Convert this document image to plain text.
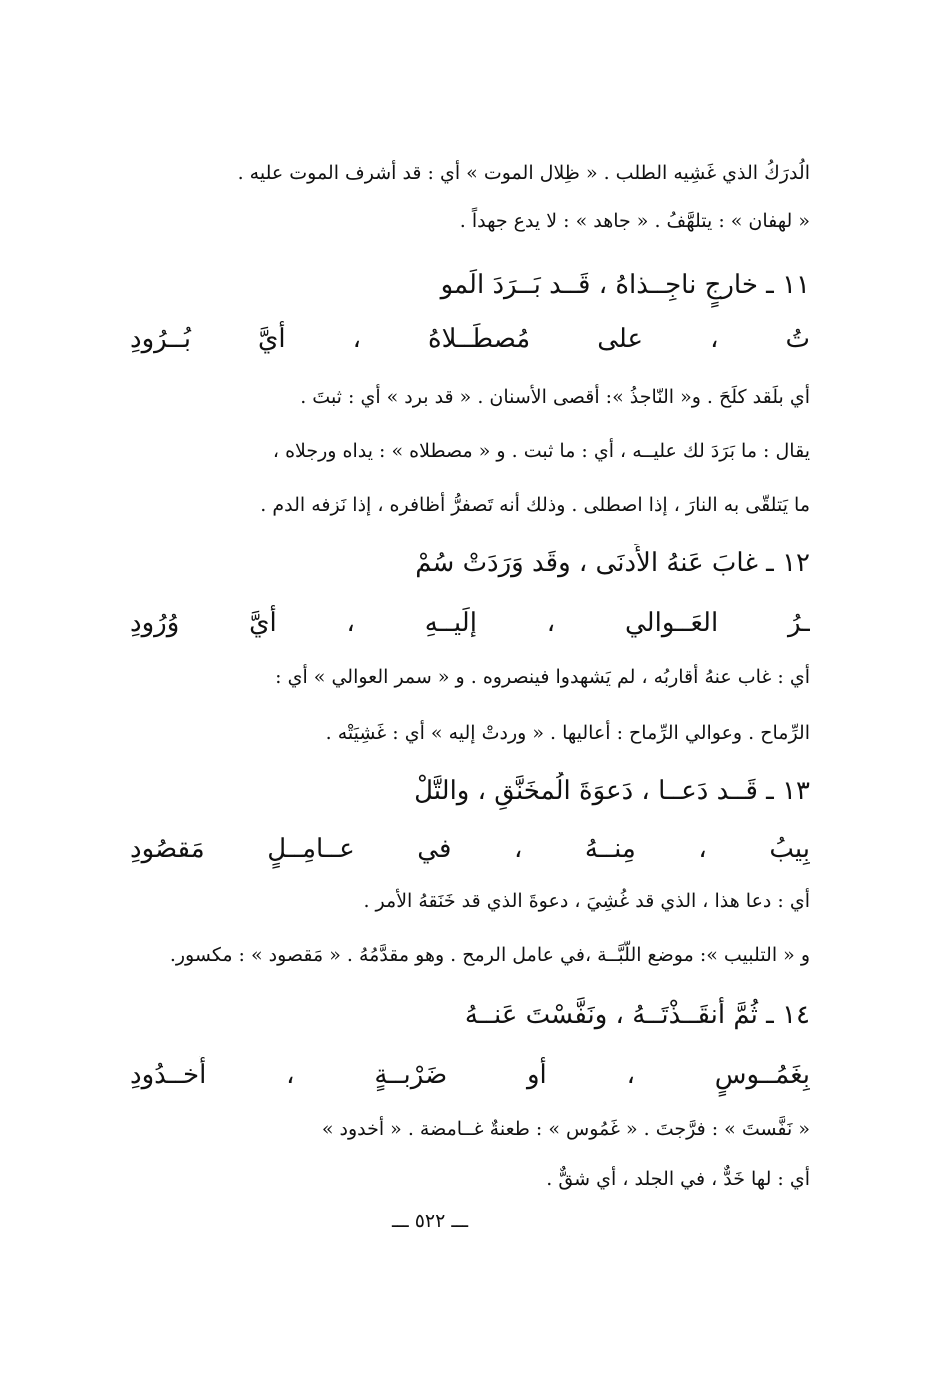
الُدرَكُ الذي غَشِيه الطلب . « ظِلال الموت » أي : قد أشرف الموت عليه .
« لهفان » : يتلهَّفُ . « جاهد » : لا يدع جهداً .
١١ ـ خارجٍ ناجِــذاهُ ، قَــد بَــرَدَ الَمو
تُ ، على مُصطَــلاهُ ، أيَّ بُــرُودِ
أي بلَقد كلَحَ . و« النّاجذُ »: أقصى الأسنان . « قد برد » أي : ثبتَ .
يقال : ما بَرَدَ لك عليــه ، أي : ما ثبت . و « مصطلاه » : يداه ورجلاه ،
ما يَتلقّى به النارَ ، إذا اصطلى . وذلك أنه تَصفرُّ أظافره ، إذا نَزفه الدم .
١٢ ـ غابَ عَنهُ الأَدنَى ، وقَد وَرَدَتْ سُمْ
ـرُ العَــوالي ، إلَيــهِ ، أيَّ وُرُودِ
أي : غاب عنهُ أقاربُه ، لم يَشهدوا فينصروه . و « سمر العوالي » أي :
الرِّماح . وعوالي الرِّماح : أعاليها . « وردتْ إليه » أي : غَشِيَتْه .
١٣ ـ قَــد دَعــا ، دَعوَةَ الُمخَنَّقِ ، والتَّلْ
بِيبُ ، مِنــهُ ، في عــامِــلٍ مَقصُودِ
أي : دعا هذا ، الذي قد غُشِيَ ، دعوةَ الذي قد خَنَقهُ الأمر .
و « التلبيب »: موضع اللَّبَّــة ،في عامل الرمح . وهو مقدَّمُهُ . « مَقصود » : مكسور.
١٤ ـ ثُمَّ أنقَــذْتَــهُ ، ونَفَّسْتَ عَنــهُ
بِغَمُــوسٍ ، أو ضَرْبــةٍ ، أُخــدُودِ
« نَفَّستَ » : فرَّجتَ . « غَمُوس » : طعنةٌ غــامضة . « أخدود »
أي : لها خَدٌّ ، في الجلد ، أي شقٌّ .
ـــ ٥٢٢ ـــ
